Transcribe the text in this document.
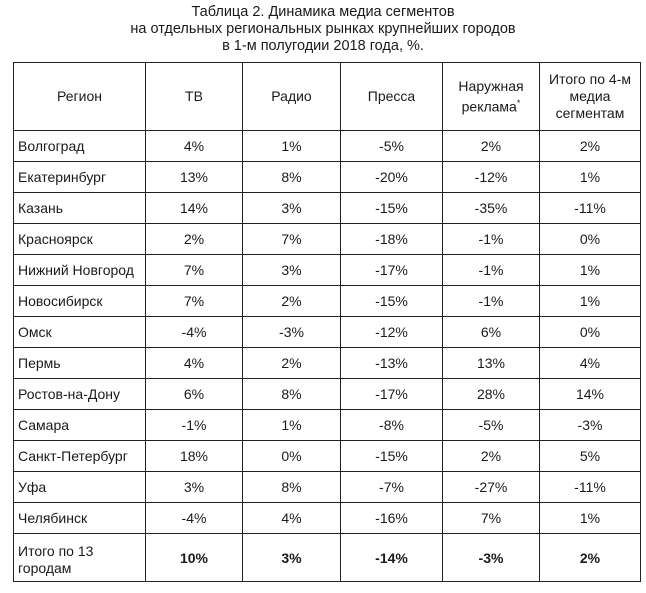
Таблица 2. Динамика медиа сегментов
на отдельных региональных рынках крупнейших городов
в 1-м полугодии 2018 года, %.
Регион	ТВ	Радио	Пресса	Наружная
реклама*	Итого по 4-м
медиа
сегментам
Волгоград	4%	1%	-5%	2%	2%
Екатеринбург	13%	8%	-20%	-12%	1%
Казань	14%	3%	-15%	-35%	-11%
Красноярск	2%	7%	-18%	-1%	0%
Нижний Новгород	7%	3%	-17%	-1%	1%
Новосибирск	7%	2%	-15%	-1%	1%
Омск	-4%	-3%	-12%	6%	0%
Пермь	4%	2%	-13%	13%	4%
Ростов-на-Дону	6%	8%	-17%	28%	14%
Самара	-1%	1%	-8%	-5%	-3%
Санкт-Петербург	18%	0%	-15%	2%	5%
Уфа	3%	8%	-7%	-27%	-11%
Челябинск	-4%	4%	-16%	7%	1%
Итого по 13
городам	10%	3%	-14%	-3%	2%
